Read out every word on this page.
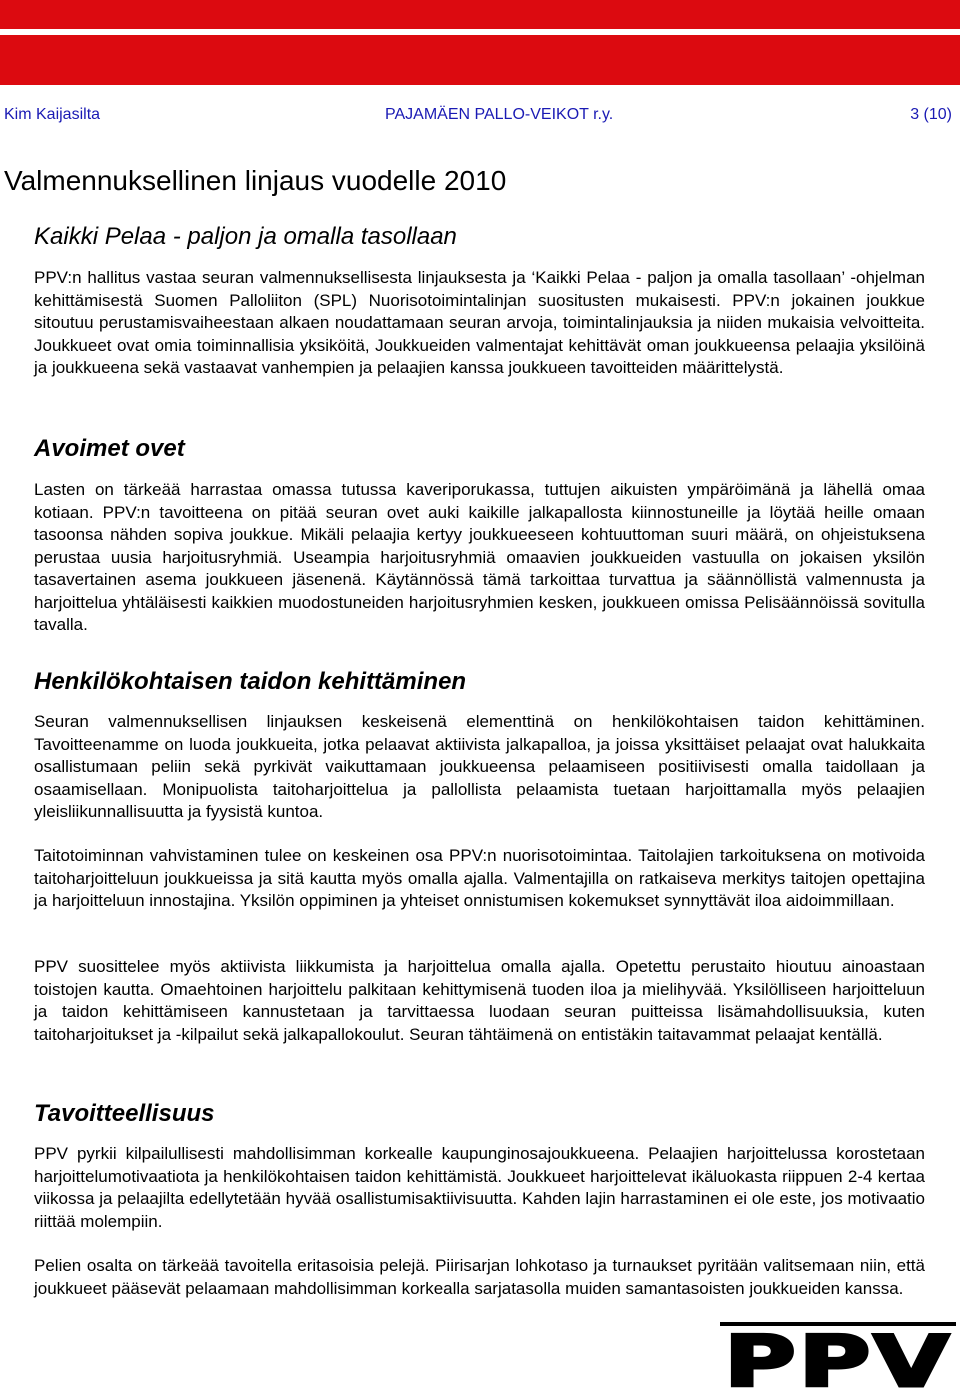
Kim Kaijasilta	PAJAMÄEN PALLO-VEIKOT r.y.	3 (10)
Valmennuksellinen linjaus vuodelle 2010
Kaikki Pelaa - paljon ja omalla tasollaan

PPV:n hallitus vastaa seuran valmennuksellisesta linjauksesta ja ‘Kaikki Pelaa - paljon ja omalla tasollaan’ -ohjelman kehittämisestä Suomen Palloliiton (SPL) Nuorisotoimintalinjan suositusten mukaisesti. PPV:n jokainen joukkue sitoutuu perustamisvaiheestaan alkaen noudattamaan seuran arvoja, toimintalinjauksia ja niiden mukaisia velvoitteita. Joukkueet ovat omia toiminnallisia yksiköitä, Joukkueiden valmentajat kehittävät oman joukkueensa pelaajia yksilöinä ja joukkueena sekä vastaavat vanhempien ja pelaajien kanssa joukkueen tavoitteiden määrittelystä.

Avoimet ovet

Lasten on tärkeää harrastaa omassa tutussa kaveriporukassa, tuttujen aikuisten ympäröimänä ja lähellä omaa kotiaan. PPV:n tavoitteena on pitää seuran ovet auki kaikille jalkapallosta kiinnostuneille ja löytää heille omaan tasoonsa nähden sopiva joukkue. Mikäli pelaajia kertyy joukkueeseen kohtuuttoman suuri määrä, on ohjeistuksena perustaa uusia harjoitusryhmiä. Useampia harjoitusryhmiä omaavien joukkueiden vastuulla on jokaisen yksilön tasavertainen asema joukkueen jäsenenä. Käytännössä tämä tarkoittaa turvattua ja säännöllistä valmennusta ja harjoittelua yhtäläisesti kaikkien muodostuneiden harjoitusryhmien kesken, joukkueen omissa Pelisäännöissä sovitulla tavalla.

Henkilökohtaisen taidon kehittäminen

Seuran valmennuksellisen linjauksen keskeisenä elementtinä on henkilökohtaisen taidon kehittäminen. Tavoitteenamme on luoda joukkueita, jotka pelaavat aktiivista jalkapalloa, ja joissa yksittäiset pelaajat ovat halukkaita osallistumaan peliin sekä pyrkivät vaikuttamaan joukkueensa pelaamiseen positiivisesti omalla taidollaan ja osaamisellaan. Monipuolista taitoharjoittelua ja pallollista pelaamista tuetaan harjoittamalla myös pelaajien yleisliikunnallisuutta ja fyysistä kuntoa.

Taitotoiminnan vahvistaminen tulee on keskeinen osa PPV:n nuorisotoimintaa. Taitolajien tarkoituksena on motivoida taitoharjoitteluun joukkueissa ja sitä kautta myös omalla ajalla. Valmentajilla on ratkaiseva merkitys taitojen opettajina ja harjoitteluun innostajina. Yksilön oppiminen ja yhteiset onnistumisen kokemukset synnyttävät iloa aidoimmillaan.

PPV suosittelee myös aktiivista liikkumista ja harjoittelua omalla ajalla. Opetettu perustaito hioutuu ainoastaan toistojen kautta. Omaehtoinen harjoittelu palkitaan kehittymisenä tuoden iloa ja mielihyvää. Yksilölliseen harjoitteluun ja taidon kehittämiseen kannustetaan ja tarvittaessa luodaan seuran puitteissa lisämahdollisuuksia, kuten taitoharjoitukset ja -kilpailut sekä jalkapallokoulut. Seuran tähtäimenä on entistäkin taitavammat pelaajat kentällä.

Tavoitteellisuus

PPV pyrkii kilpailullisesti mahdollisimman korkealle kaupunginosajoukkueena. Pelaajien harjoittelussa korostetaan harjoittelumotivaatiota ja henkilökohtaisen taidon kehittämistä. Joukkueet harjoittelevat ikäluokasta riippuen 2-4 kertaa viikossa ja pelaajilta edellytetään hyvää osallistumisaktiivisuutta. Kahden lajin harrastaminen ei ole este, jos motivaatio riittää molempiin.

Pelien osalta on tärkeää tavoitella eritasoisia pelejä. Piirisarjan lohkotaso ja turnaukset pyritään valitsemaan niin, että joukkueet pääsevät pelaamaan mahdollisimman korkealla sarjatasolla muiden samantasoisten joukkueiden kanssa.

PPV
